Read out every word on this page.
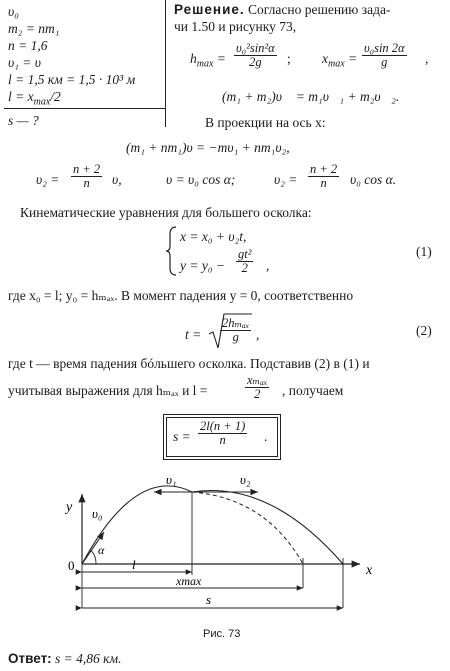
υ₀
m₂ = nm₁
n = 1,6
υ₁ = υ
l = 1,5 км = 1,5 · 10³ м
$l = x_{max}/2$
s — ?
Решение. Согласно решению зада-
чи 1.50 и рисунку 73,
$h_{max} = \frac{\text{υ₀²sin²α}}{2g}$ ; $x_{max} = \frac{\text{υ₀sin 2α}}{g}$ ,
(m₁ + m₂)υ⃗ = m₁υ⃗₁ + m₂υ⃗₂.
В проекции на ось x:
(m₁ + nm₁)υ = −mυ₁ + nm₁υ₂,
$\upsilon_2 = \frac{n + 2}{n} \upsilon$,	υ = υ₀ cos α;	$\upsilon_2 = \frac{n + 2}{n} \upsilon_0$ cos α.
Кинематические уравнения для большего осколка:
x = x₀ + υ₂t,
$y = y_0 - \frac{\text{gt²}}{2}$ ,
(1)
где x₀ = l; y₀ = hₘₐₓ. В момент падения y = 0, соответственно
t =
2hₘₐₓ
g ,	(2)
где t — время падения бóльшего осколка. Подставив (2) в (1) и
учитывая выражения для hₘₐₓ и l =
xₘₐₓ
2 , получаем
$s = \frac{2l(n + 1)}{n}$ .
y
x
0
υ₀
α
υ₁	υ₂
l
xmax
s
Рис. 73
Ответ: s = 4,86 км.
